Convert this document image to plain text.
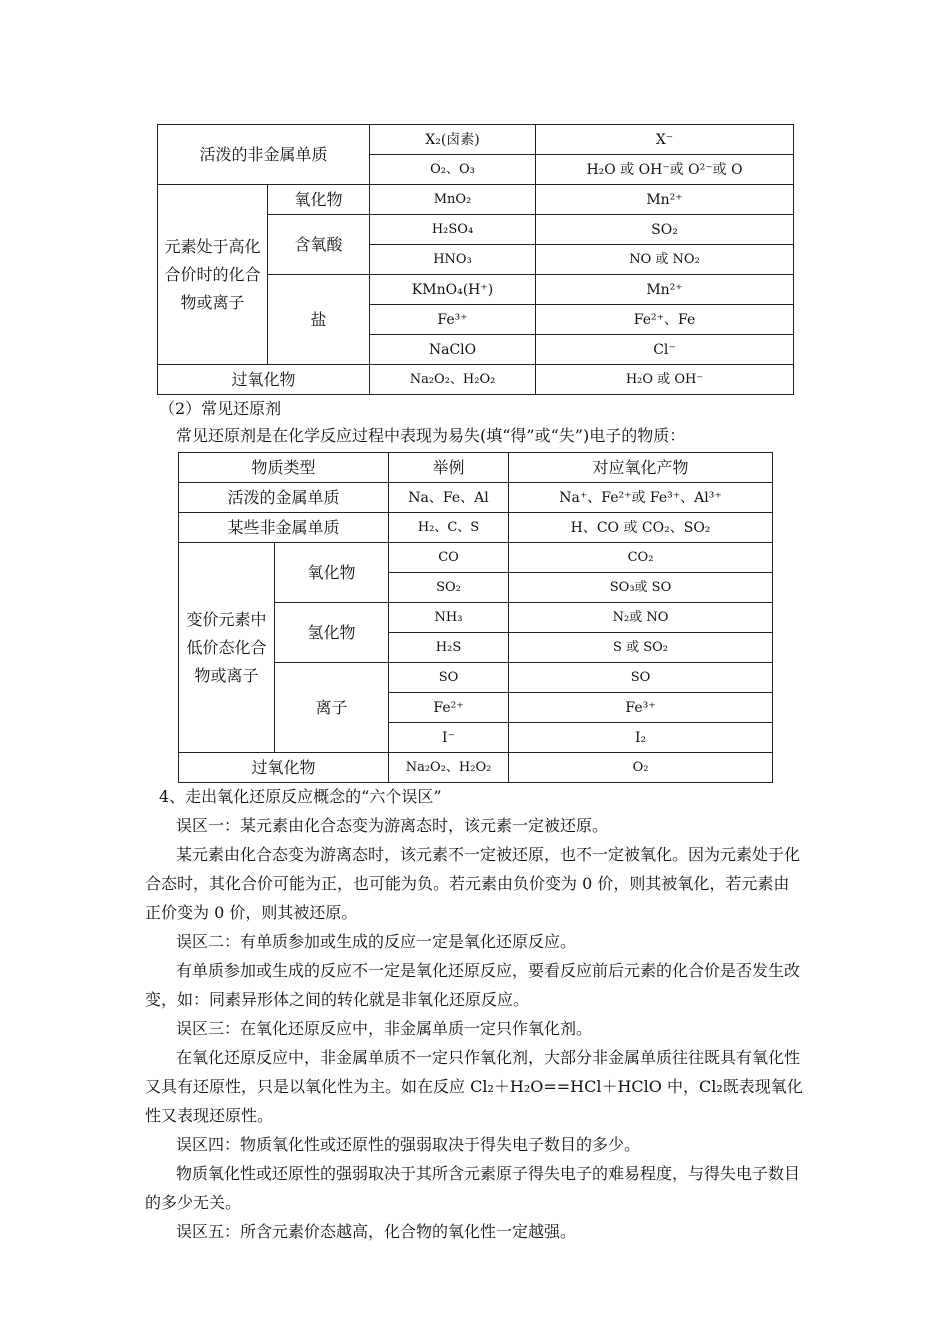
活泼的非金属单质		X₂(卤素)	X⁻
		O₂、O₃	H₂O 或 OH⁻或 O²⁻或 O
元素处于高化合价时的化合物或离子	氧化物	MnO₂	Mn²⁺
	含氧酸	H₂SO₄	SO₂
		HNO₃	NO 或 NO₂
	盐	KMnO₄(H⁺)	Mn²⁺
		Fe³⁺	Fe²⁺、Fe
		NaClO	Cl⁻
过氧化物		Na₂O₂、H₂O₂	H₂O 或 OH⁻

（2）常见还原剂

常见还原剂是在化学反应过程中表现为易失(填“得”或“失”)电子的物质：

物质类型		举例	对应氧化产物
活泼的金属单质		Na、Fe、Al	Na⁺、Fe²⁺或 Fe³⁺、Al³⁺
某些非金属单质		H₂、C、S	H、CO 或 CO₂、SO₂
变价元素中低价态化合物或离子	氧化物	CO	CO₂
		SO₂	SO₃或 SO
	氢化物	NH₃	N₂或 NO
		H₂S	S 或 SO₂
	离子	SO	SO
		Fe²⁺	Fe³⁺
		I⁻	I₂
过氧化物		Na₂O₂、H₂O₂	O₂

4、走出氧化还原反应概念的“六个误区”

误区一：某元素由化合态变为游离态时，该元素一定被还原。

某元素由化合态变为游离态时，该元素不一定被还原，也不一定被氧化。因为元素处于化合态时，其化合价可能为正，也可能为负。若元素由负价变为 0 价，则其被氧化，若元素由正价变为 0 价，则其被还原。

误区二：有单质参加或生成的反应一定是氧化还原反应。

有单质参加或生成的反应不一定是氧化还原反应，要看反应前后元素的化合价是否发生改变，如：同素异形体之间的转化就是非氧化还原反应。

误区三：在氧化还原反应中，非金属单质一定只作氧化剂。

在氧化还原反应中，非金属单质不一定只作氧化剂，大部分非金属单质往往既具有氧化性又具有还原性，只是以氧化性为主。如在反应 Cl₂＋H₂O==HCl＋HClO 中，Cl₂既表现氧化性又表现还原性。

误区四：物质氧化性或还原性的强弱取决于得失电子数目的多少。

物质氧化性或还原性的强弱取决于其所含元素原子得失电子的难易程度，与得失电子数目的多少无关。

误区五：所含元素价态越高，化合物的氧化性一定越强。
